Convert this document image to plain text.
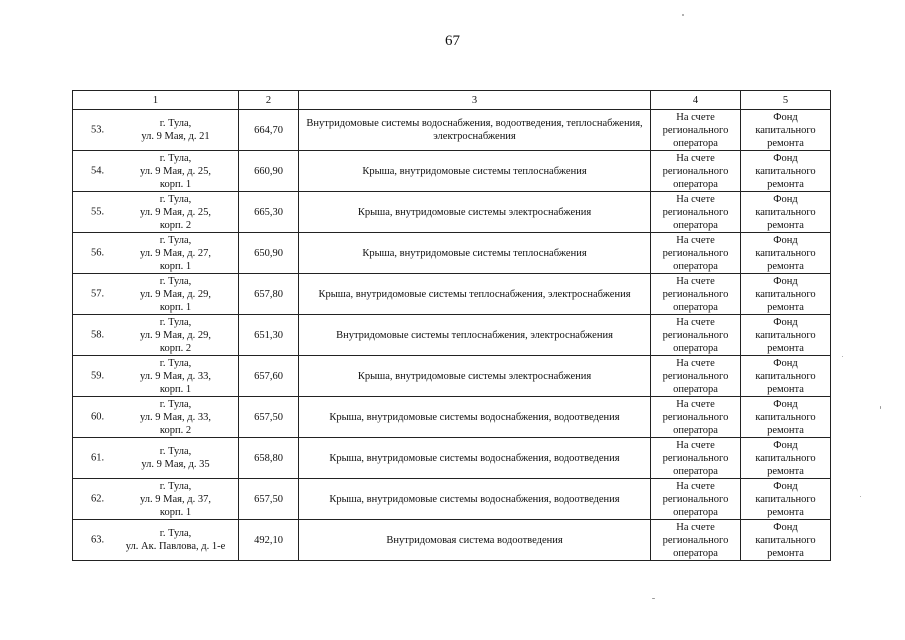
67
1	2	3	4	5

53.
г. Тула,
ул. 9 Мая, д. 21	664,70	Внутридомовые системы водоснабжения, водоотведения, теплоснабжения, электроснабжения	На счете
регионального
оператора	Фонд
капитального
ремонта

54.
г. Тула,
ул. 9 Мая, д. 25,
корп. 1	660,90	Крыша, внутридомовые системы теплоснабжения	На счете
регионального
оператора	Фонд
капитального
ремонта

55.
г. Тула,
ул. 9 Мая, д. 25,
корп. 2	665,30	Крыша, внутридомовые системы электроснабжения	На счете
регионального
оператора	Фонд
капитального
ремонта

56.
г. Тула,
ул. 9 Мая, д. 27,
корп. 1	650,90	Крыша, внутридомовые системы теплоснабжения	На счете
регионального
оператора	Фонд
капитального
ремонта

57.
г. Тула,
ул. 9 Мая, д. 29,
корп. 1	657,80	Крыша, внутридомовые системы теплоснабжения, электроснабжения	На счете
регионального
оператора	Фонд
капитального
ремонта

58.
г. Тула,
ул. 9 Мая, д. 29,
корп. 2	651,30	Внутридомовые системы теплоснабжения, электроснабжения	На счете
регионального
оператора	Фонд
капитального
ремонта

59.
г. Тула,
ул. 9 Мая, д. 33,
корп. 1	657,60	Крыша, внутридомовые системы электроснабжения	На счете
регионального
оператора	Фонд
капитального
ремонта

60.
г. Тула,
ул. 9 Мая, д. 33,
корп. 2	657,50	Крыша, внутридомовые системы водоснабжения, водоотведения	На счете
регионального
оператора	Фонд
капитального
ремонта

61.
г. Тула,
ул. 9 Мая, д. 35	658,80	Крыша, внутридомовые системы водоснабжения, водоотведения	На счете
регионального
оператора	Фонд
капитального
ремонта

62.
г. Тула,
ул. 9 Мая, д. 37,
корп. 1	657,50	Крыша, внутридомовые системы водоснабжения, водоотведения	На счете
регионального
оператора	Фонд
капитального
ремонта

63.
г. Тула,
ул. Ак. Павлова, д. 1-е	492,10	Внутридомовая система водоотведения	На счете
регионального
оператора	Фонд
капитального
ремонта
